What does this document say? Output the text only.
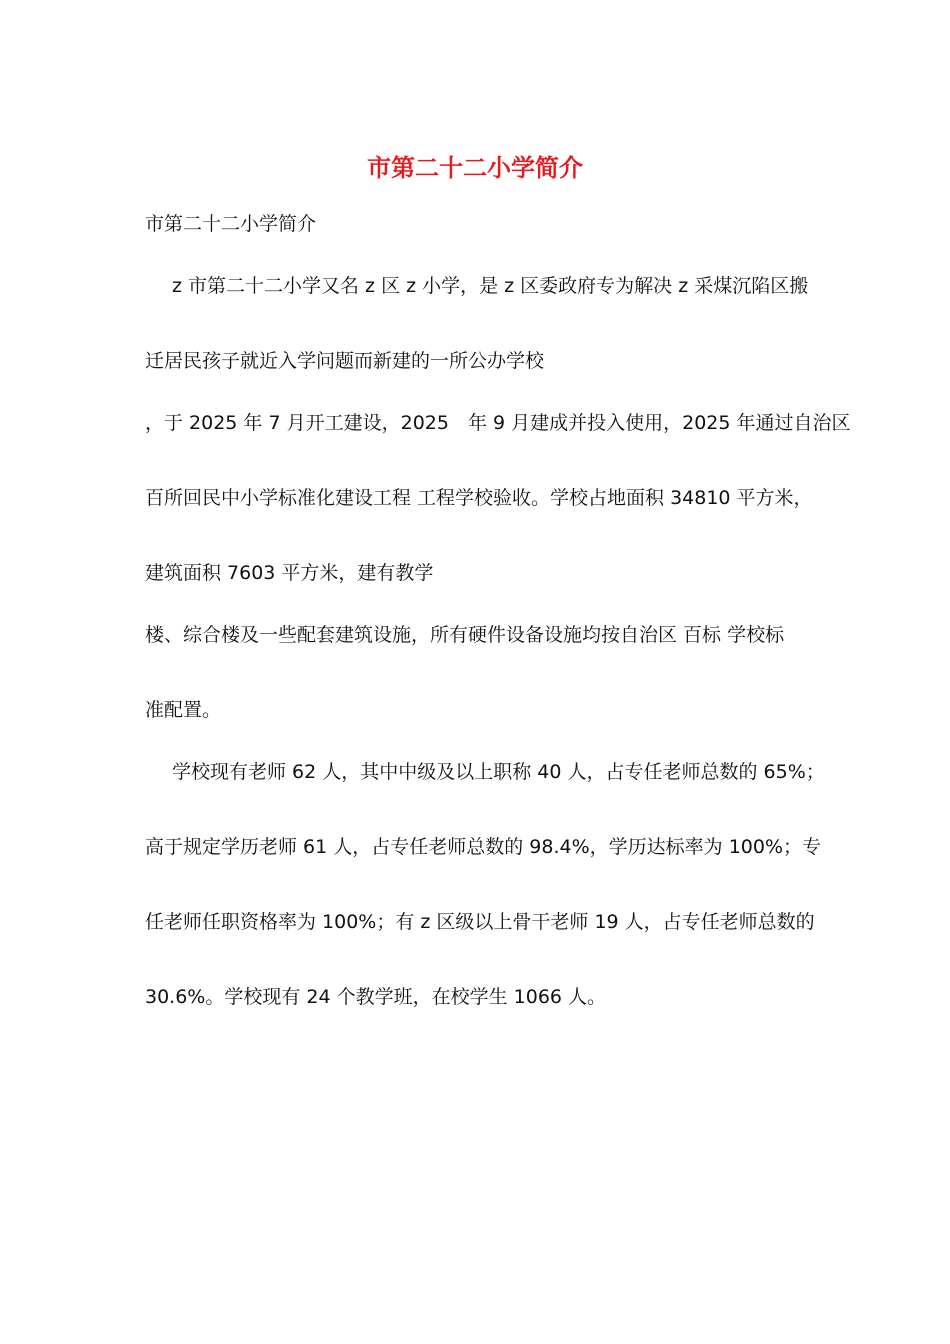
市第二十二小学简介
市第二十二小学简介
z 市第二十二小学又名 z 区 z 小学，是 z 区委政府专为解决 z 采煤沉陷区搬
迁居民孩子就近入学问题而新建的一所公办学校
，于 2025 年 7 月开工建设，2025　年 9 月建成并投入使用，2025 年通过自治区
百所回民中小学标准化建设工程 工程学校验收。学校占地面积 34810 平方米，
建筑面积 7603 平方米，建有教学
楼、综合楼及一些配套建筑设施，所有硬件设备设施均按自治区 百标 学校标
准配置。
学校现有老师 62 人，其中中级及以上职称 40 人，占专任老师总数的 65%；
高于规定学历老师 61 人，占专任老师总数的 98.4%，学历达标率为 100%；专
任老师任职资格率为 100%；有 z 区级以上骨干老师 19 人，占专任老师总数的
30.6%。学校现有 24 个教学班，在校学生 1066 人。
